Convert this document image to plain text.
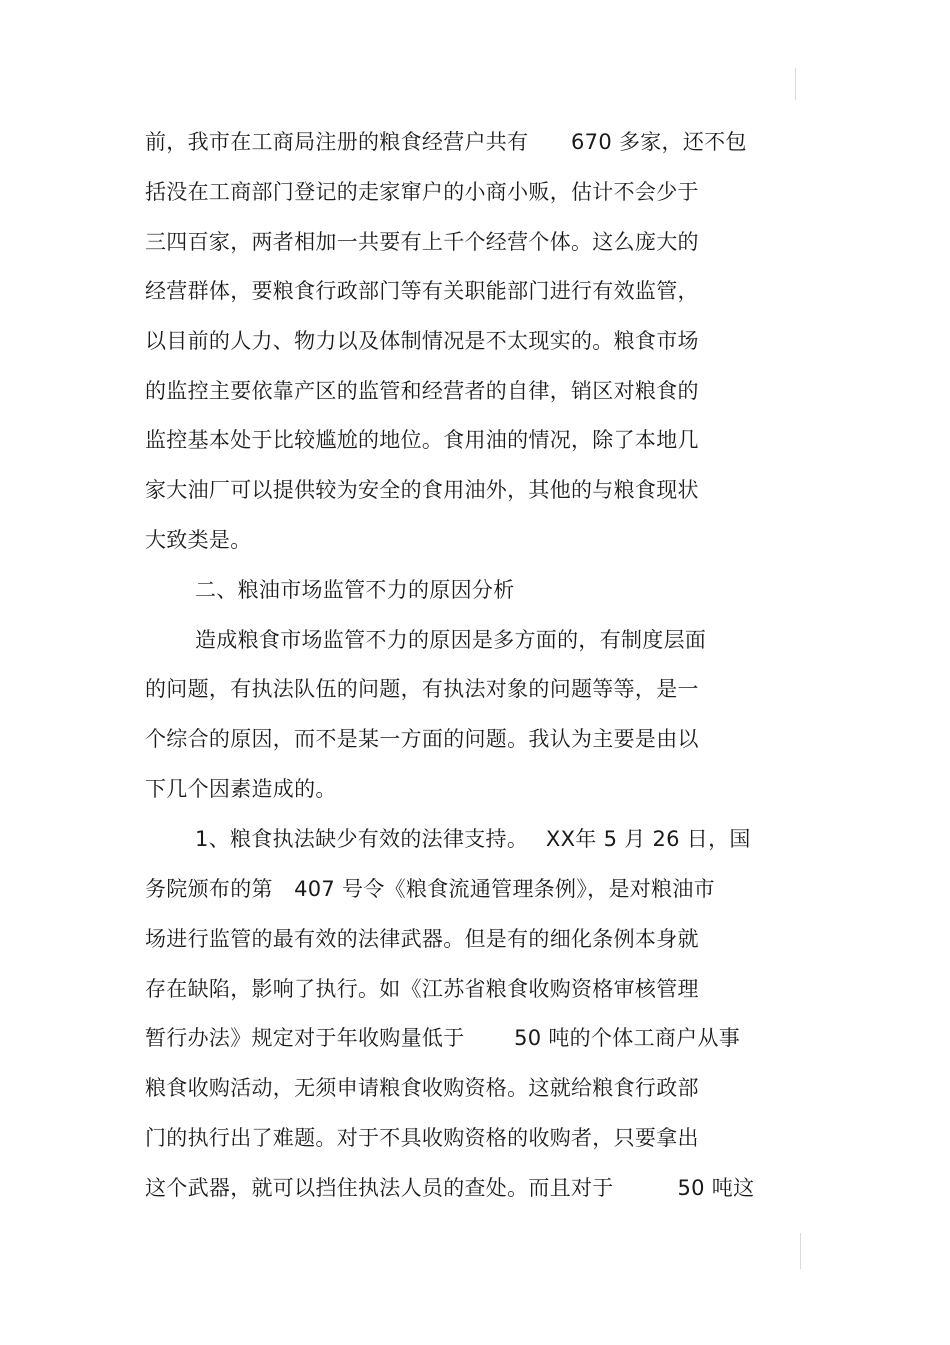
前，我市在工商局注册的粮食经营户共有　　670 多家，还不包
括没在工商部门登记的走家窜户的小商小贩，估计不会少于
三四百家，两者相加一共要有上千个经营个体。这么庞大的
经营群体，要粮食行政部门等有关职能部门进行有效监管，
以目前的人力、物力以及体制情况是不太现实的。粮食市场
的监控主要依靠产区的监管和经营者的自律，销区对粮食的
监控基本处于比较尴尬的地位。食用油的情况，除了本地几
家大油厂可以提供较为安全的食用油外，其他的与粮食现状
大致类是。
二、粮油市场监管不力的原因分析
造成粮食市场监管不力的原因是多方面的，有制度层面
的问题，有执法队伍的问题，有执法对象的问题等等，是一
个综合的原因，而不是某一方面的问题。我认为主要是由以
下几个因素造成的。
1、粮食执法缺少有效的法律支持。　 XX年 5 月 26 日，国
务院颁布的第　407 号令《粮食流通管理条例》，是对粮油市
场进行监管的最有效的法律武器。但是有的细化条例本身就
存在缺陷，影响了执行。如《江苏省粮食收购资格审核管理
暂行办法》规定对于年收购量低于　　 50 吨的个体工商户从事
粮食收购活动，无须申请粮食收购资格。这就给粮食行政部
门的执行出了难题。对于不具收购资格的收购者，只要拿出
这个武器，就可以挡住执法人员的查处。而且对于　　　50 吨这
